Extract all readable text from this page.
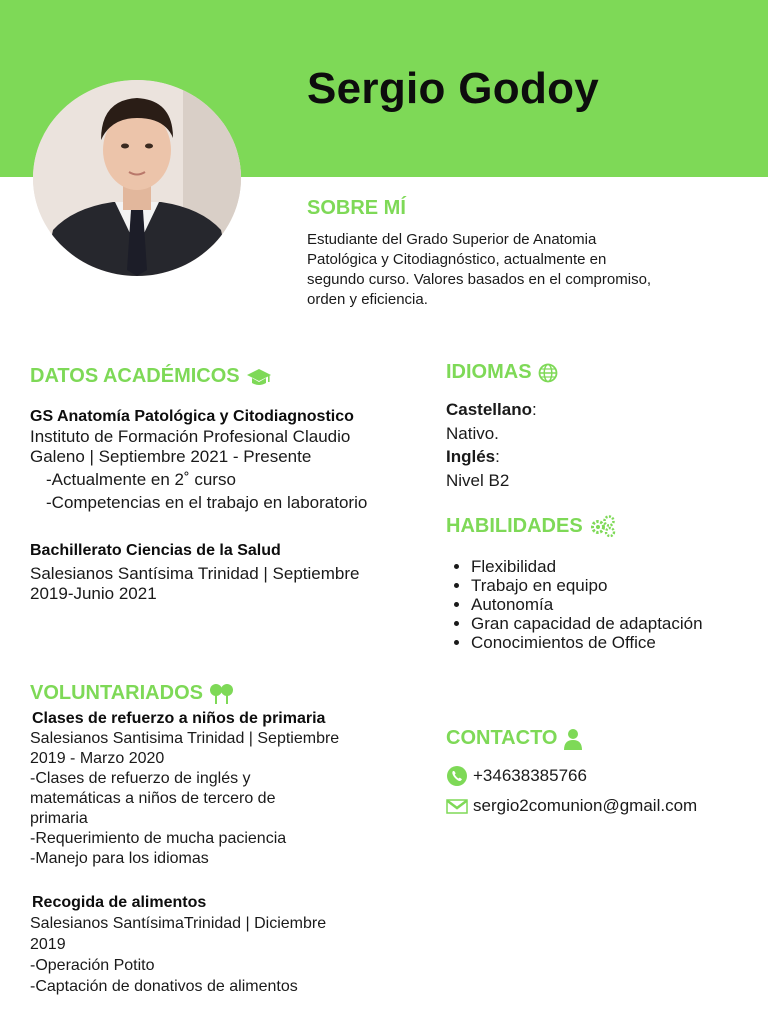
Sergio Godoy
SOBRE MÍ
Estudiante del Grado Superior de Anatomia
Patológica y Citodiagnóstico, actualmente en
segundo curso. Valores basados en el compromiso,
orden y eficiencia.
DATOS ACADÉMICOS
GS Anatomía Patológica y Citodiagnostico
Instituto de Formación Profesional Claudio
Galeno | Septiembre 2021 - Presente
-Actualmente en 2˚ curso
-Competencias en el trabajo en laboratorio
Bachillerato Ciencias de la Salud
Salesianos Santísima Trinidad | Septiembre
2019-Junio 2021
VOLUNTARIADOS
Clases de refuerzo a niños de primaria
Salesianos Santisima Trinidad | Septiembre
2019 - Marzo 2020
-Clases de refuerzo de inglés y
matemáticas a niños de tercero de
primaria
-Requerimiento de mucha paciencia
-Manejo para los idiomas
Recogida de alimentos
Salesianos SantísimaTrinidad | Diciembre
2019
-Operación Potito
-Captación de donativos de alimentos
IDIOMAS
Castellano:
Nativo.
Inglés:
Nivel B2
HABILIDADES
• Flexibilidad
• Trabajo en equipo
• Autonomía
• Gran capacidad de adaptación
• Conocimientos de Office
CONTACTO
+34638385766
sergio2comunion@gmail.com
